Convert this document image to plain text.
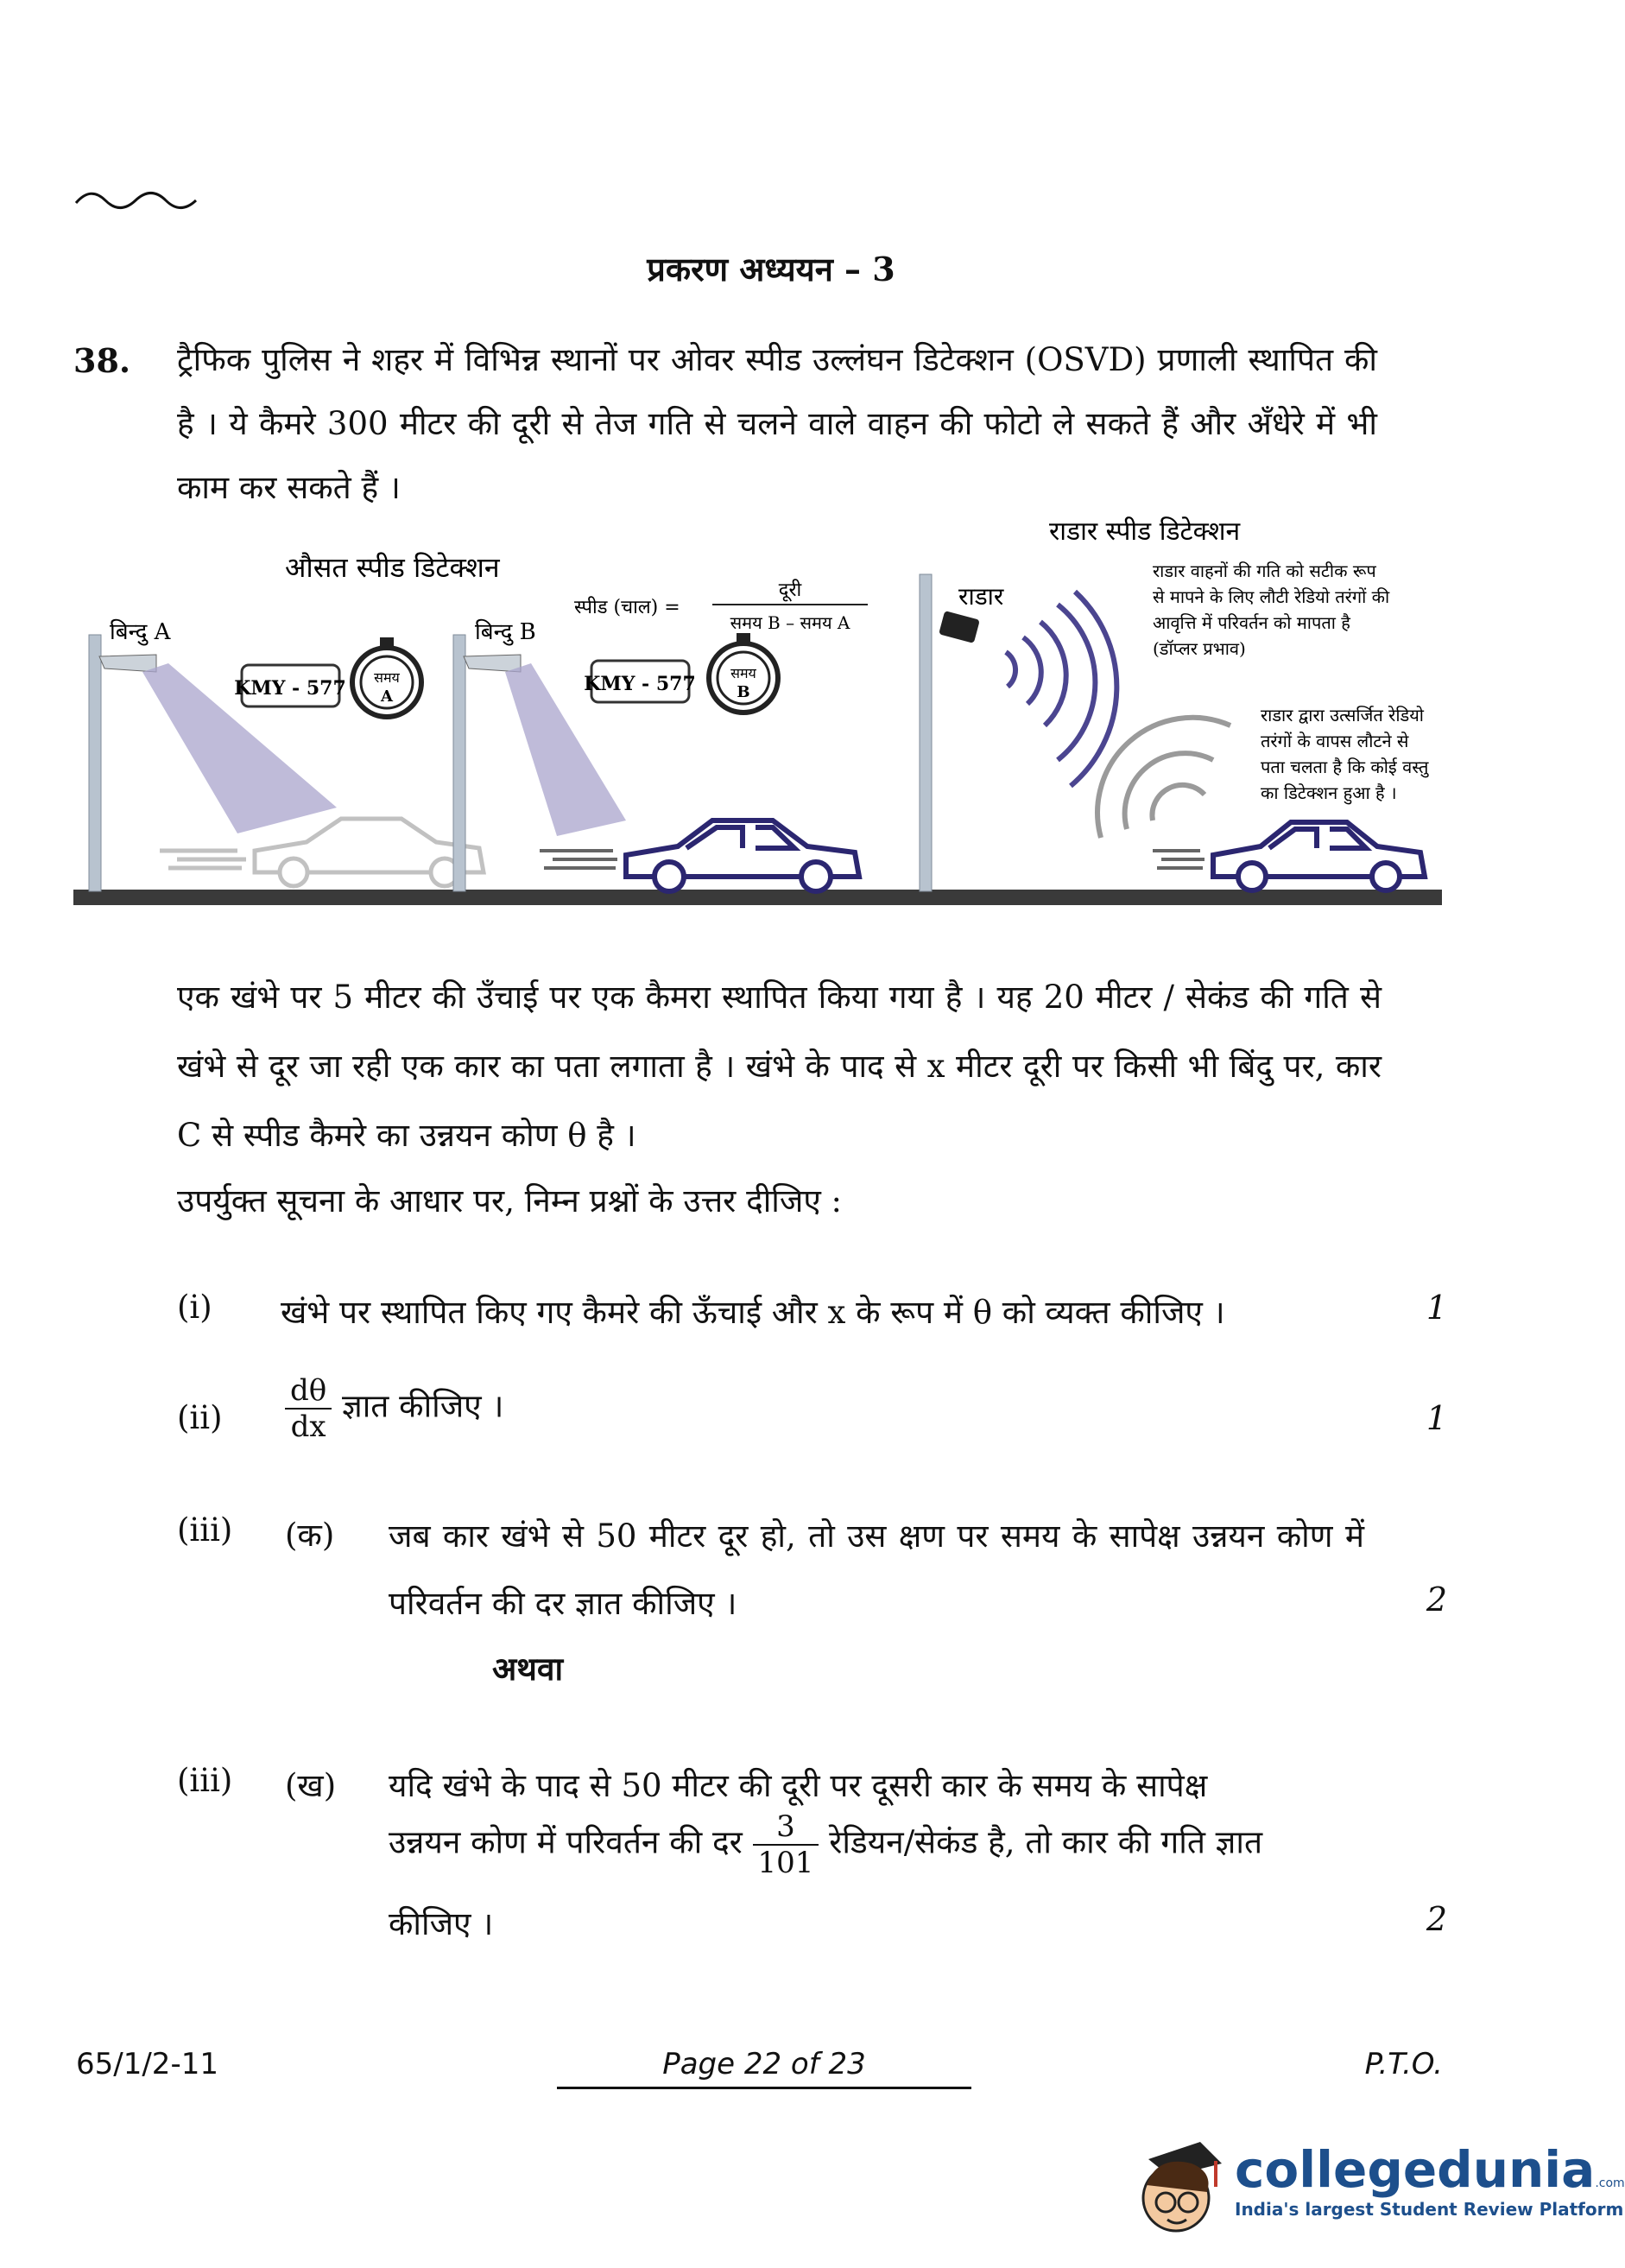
प्रकरण अध्ययन – 3
38. ट्रैफिक पुलिस ने शहर में विभिन्न स्थानों पर ओवर स्पीड उल्लंघन डिटेक्शन (OSVD) प्रणाली स्थापित की है । ये कैमरे 300 मीटर की दूरी से तेज गति से चलने वाले वाहन की फोटो ले सकते हैं और अँधेरे में भी काम कर सकते हैं ।
औसत स्पीड डिटेक्शन
बिन्दु A
KMY - 577 समय
A
बिन्दु B
स्पीड (चाल) =
दूरी
समय B – समय A
KMY - 577	समय
B
राडार
राडार स्पीड डिटेक्शन
राडार वाहनों की गति को सटीक रूप
से मापने के लिए लौटी रेडियो तरंगों की
आवृत्ति में परिवर्तन को मापता है
(डॉप्लर प्रभाव)
राडार द्वारा उत्सर्जित रेडियो
तरंगों के वापस लौटने से
पता चलता है कि कोई वस्तु
का डिटेक्शन हुआ है ।
एक खंभे पर 5 मीटर की उँचाई पर एक कैमरा स्थापित किया गया है । यह 20 मीटर / सेकंड की गति से खंभे से दूर जा रही एक कार का पता लगाता है । खंभे के पाद से x मीटर दूरी पर किसी भी बिंदु पर, कार C से स्पीड कैमरे का उन्नयन कोण θ है ।
उपर्युक्त सूचना के आधार पर, निम्न प्रश्नों के उत्तर दीजिए :
(i) खंभे पर स्थापित किए गए कैमरे की ऊँचाई और x के रूप में θ को व्यक्त कीजिए ।	1
$(ii) \frac{d\theta}{dx}$ ज्ञात कीजिए ।	1
(iii) (क) जब कार खंभे से 50 मीटर दूर हो, तो उस क्षण पर समय के सापेक्ष उन्नयन कोण में परिवर्तन की दर ज्ञात कीजिए ।	2
अथवा
(iii) (ख) यदि खंभे के पाद से 50 मीटर की दूरी पर दूसरी कार के समय के सापेक्ष
उन्नयन कोण में परिवर्तन की दर $\frac{3}{101}$ रेडियन/सेकंड है, तो कार की गति ज्ञात
कीजिए ।	2
65/1/2-11	Page 22 of 23	P.T.O.
collegedunia.com
India's largest Student Review Platform
